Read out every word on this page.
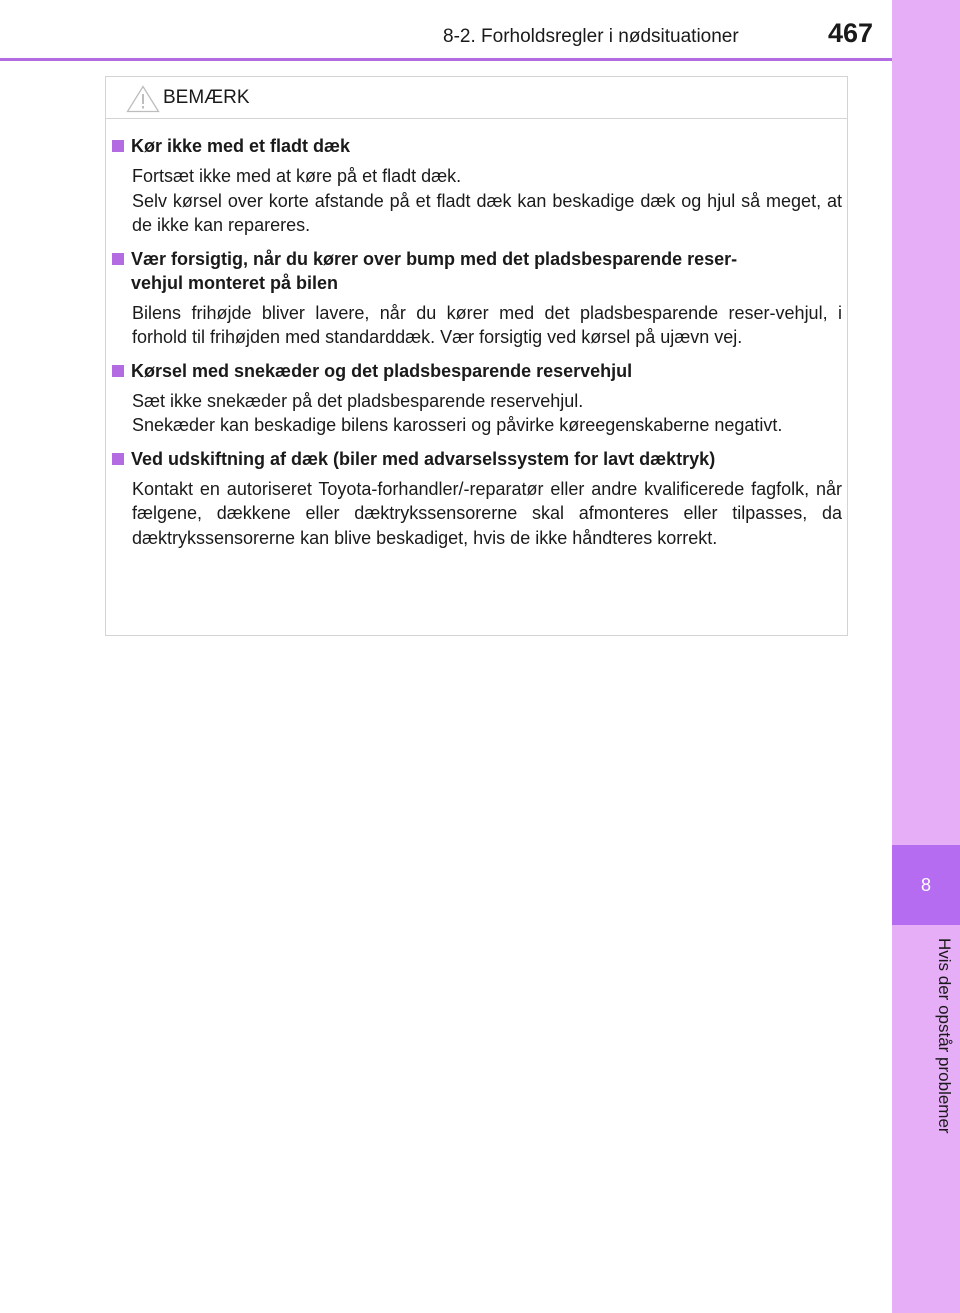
8-2. Forholdsregler i nødsituationer	467
8
Hvis der opstår problemer
BEMÆRK
Kør ikke med et fladt dæk

Fortsæt ikke med at køre på et fladt dæk.

Selv kørsel over korte afstande på et fladt dæk kan beskadige dæk og hjul så meget, at de ikke kan repareres.

Vær forsigtig, når du kører over bump med det pladsbesparende reser-
vehjul monteret på bilen

Bilens frihøjde bliver lavere, når du kører med det pladsbesparende reser-vehjul, i forhold til frihøjden med standarddæk. Vær forsigtig ved kørsel på ujævn vej.

Kørsel med snekæder og det pladsbesparende reservehjul

Sæt ikke snekæder på det pladsbesparende reservehjul.

Snekæder kan beskadige bilens karosseri og påvirke køreegenskaberne negativt.

Ved udskiftning af dæk (biler med advarselssystem for lavt dæktryk)

Kontakt en autoriseret Toyota-forhandler/-reparatør eller andre kvalificerede fagfolk, når fælgene, dækkene eller dæktrykssensorerne skal afmonteres eller tilpasses, da dæktrykssensorerne kan blive beskadiget, hvis de ikke håndteres korrekt.
